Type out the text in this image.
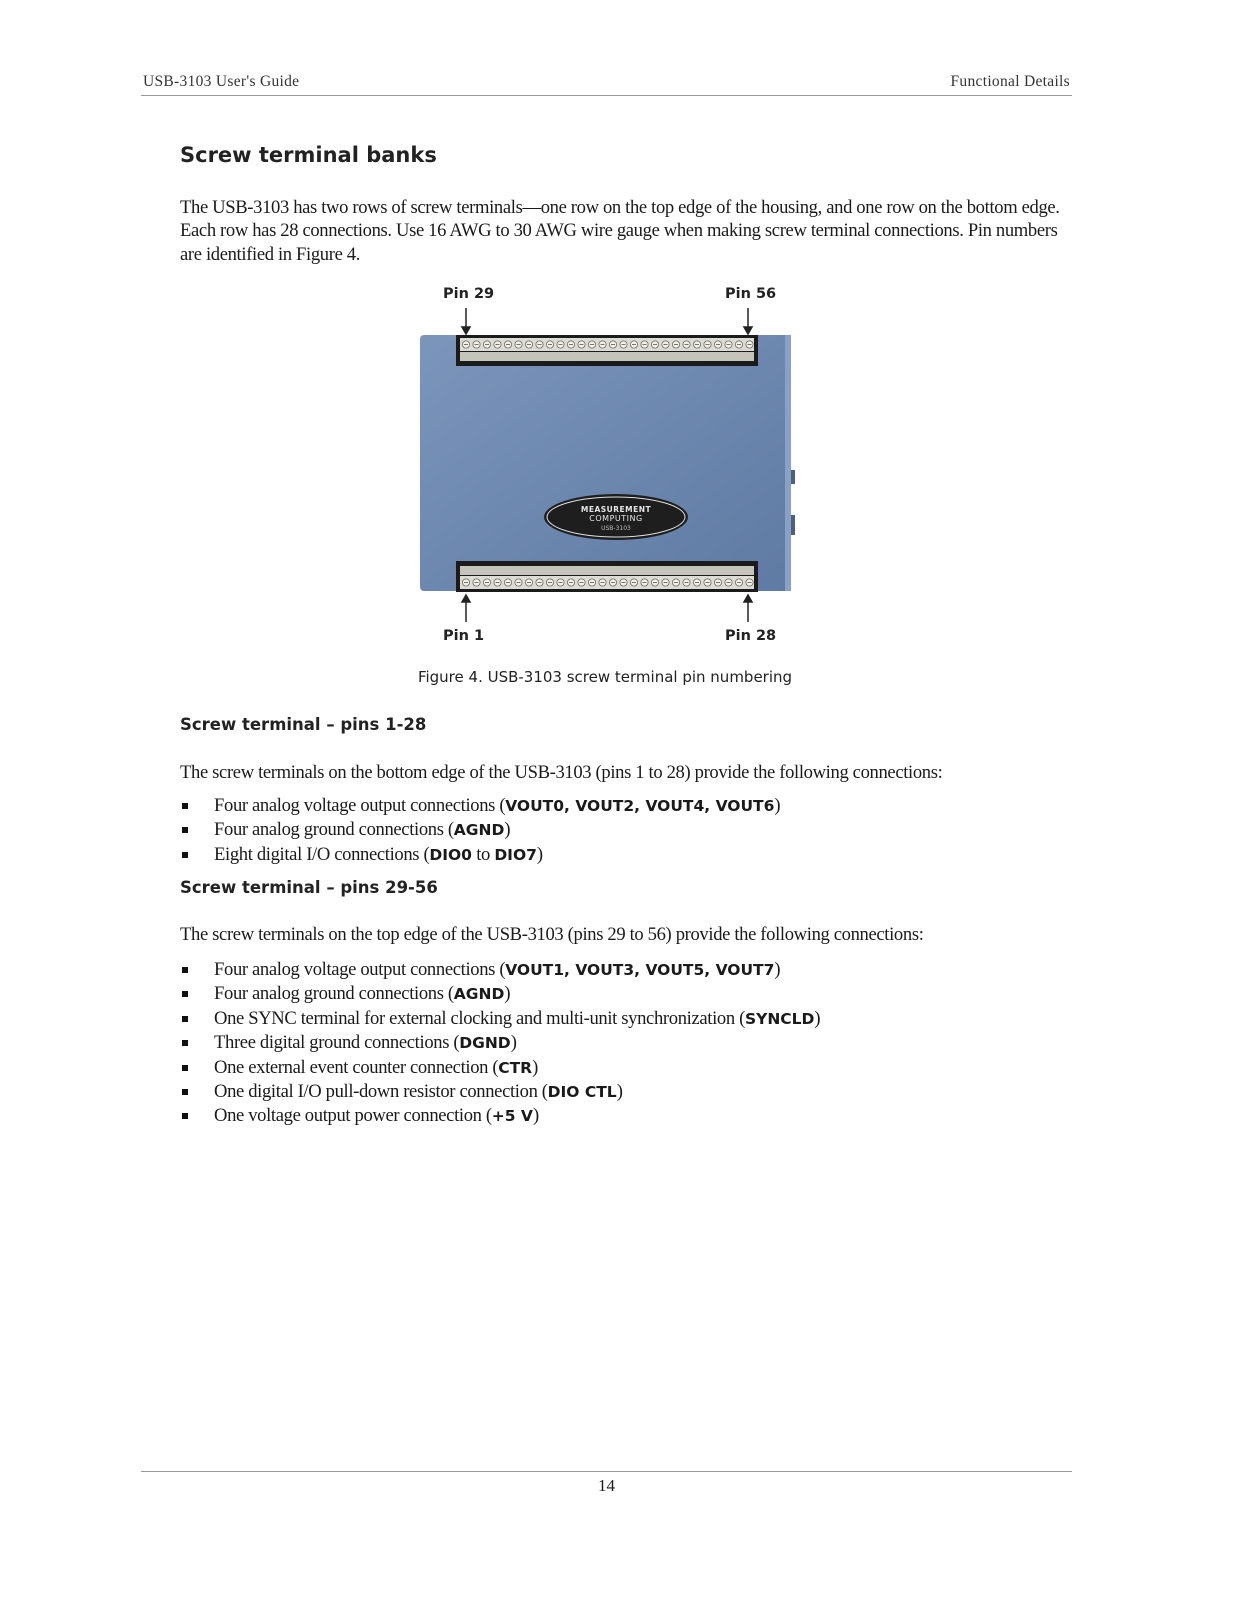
USB-3103 User's Guide	Functional Details
Screw terminal banks

The USB-3103 has two rows of screw terminals—one row on the top edge of the housing, and one row on the bottom edge. Each row has 28 connections. Use 16 AWG to 30 AWG wire gauge when making screw terminal connections. Pin numbers are identified in Figure 4.

Pin 29	Pin 56
MEASUREMENT
COMPUTING
USB-3103
Pin 1	Pin 28
Figure 4. USB-3103 screw terminal pin numbering
Screw terminal – pins 1-28

The screw terminals on the bottom edge of the USB-3103 (pins 1 to 28) provide the following connections:

Four analog voltage output connections (VOUT0, VOUT2, VOUT4, VOUT6)
Four analog ground connections (AGND)
Eight digital I/O connections (DIO0 to DIO7)
Screw terminal – pins 29-56

The screw terminals on the top edge of the USB-3103 (pins 29 to 56) provide the following connections:

Four analog voltage output connections (VOUT1, VOUT3, VOUT5, VOUT7)
Four analog ground connections (AGND)
One SYNC terminal for external clocking and multi-unit synchronization (SYNCLD)
Three digital ground connections (DGND)
One external event counter connection (CTR)
One digital I/O pull-down resistor connection (DIO CTL)
One voltage output power connection (+5 V)
14
